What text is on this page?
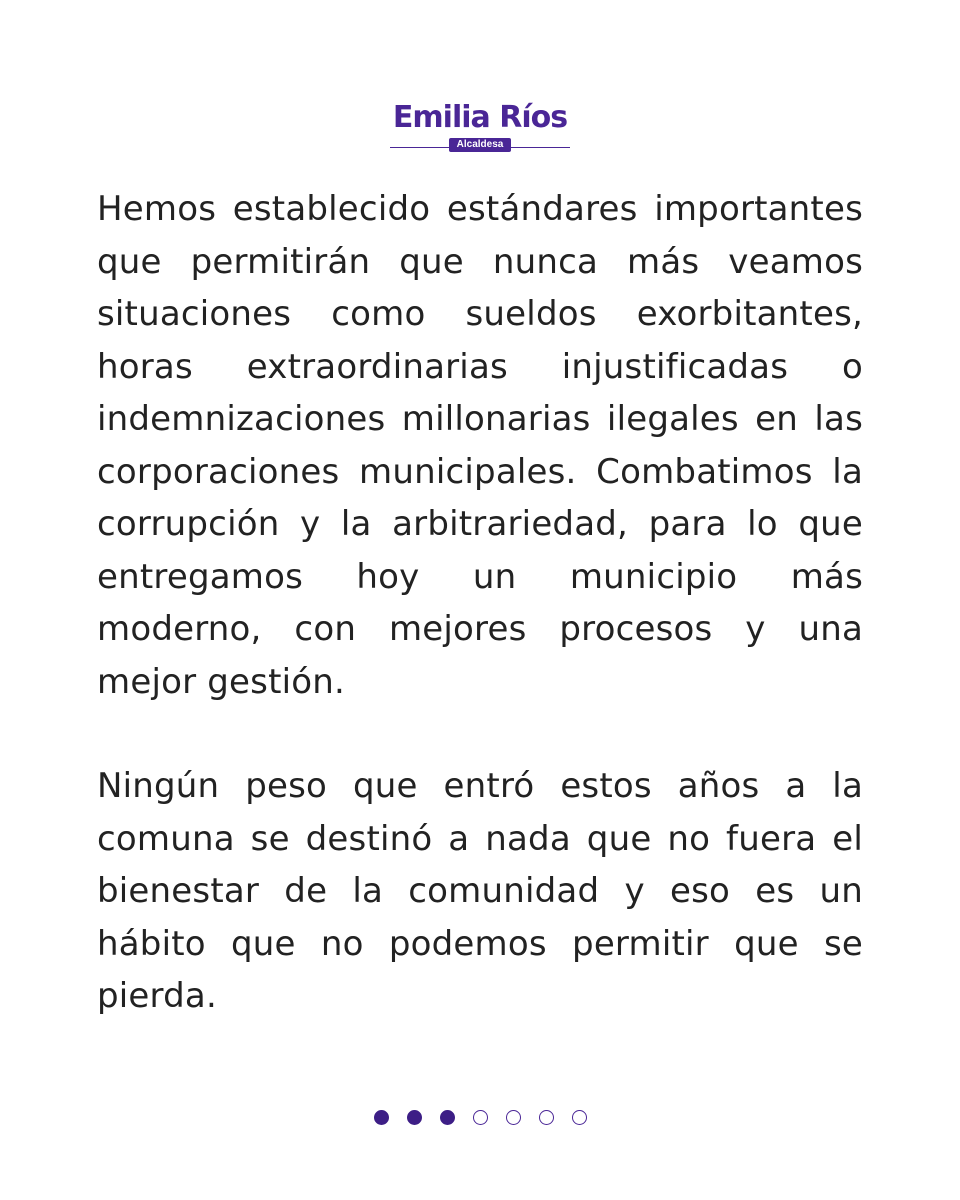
Emilia Ríos
Alcaldesa

Hemos establecido estándares importantes que permitirán que nunca más veamos situaciones como sueldos exorbitantes, horas extraordinarias injustificadas o indemnizaciones millonarias ilegales en las corporaciones municipales. Combatimos la corrupción y la arbitrariedad, para lo que entregamos hoy un municipio más moderno, con mejores procesos y una mejor gestión.

Ningún peso que entró estos años a la comuna se destinó a nada que no fuera el bienestar de la comunidad y eso es un hábito que no podemos permitir que se pierda.
